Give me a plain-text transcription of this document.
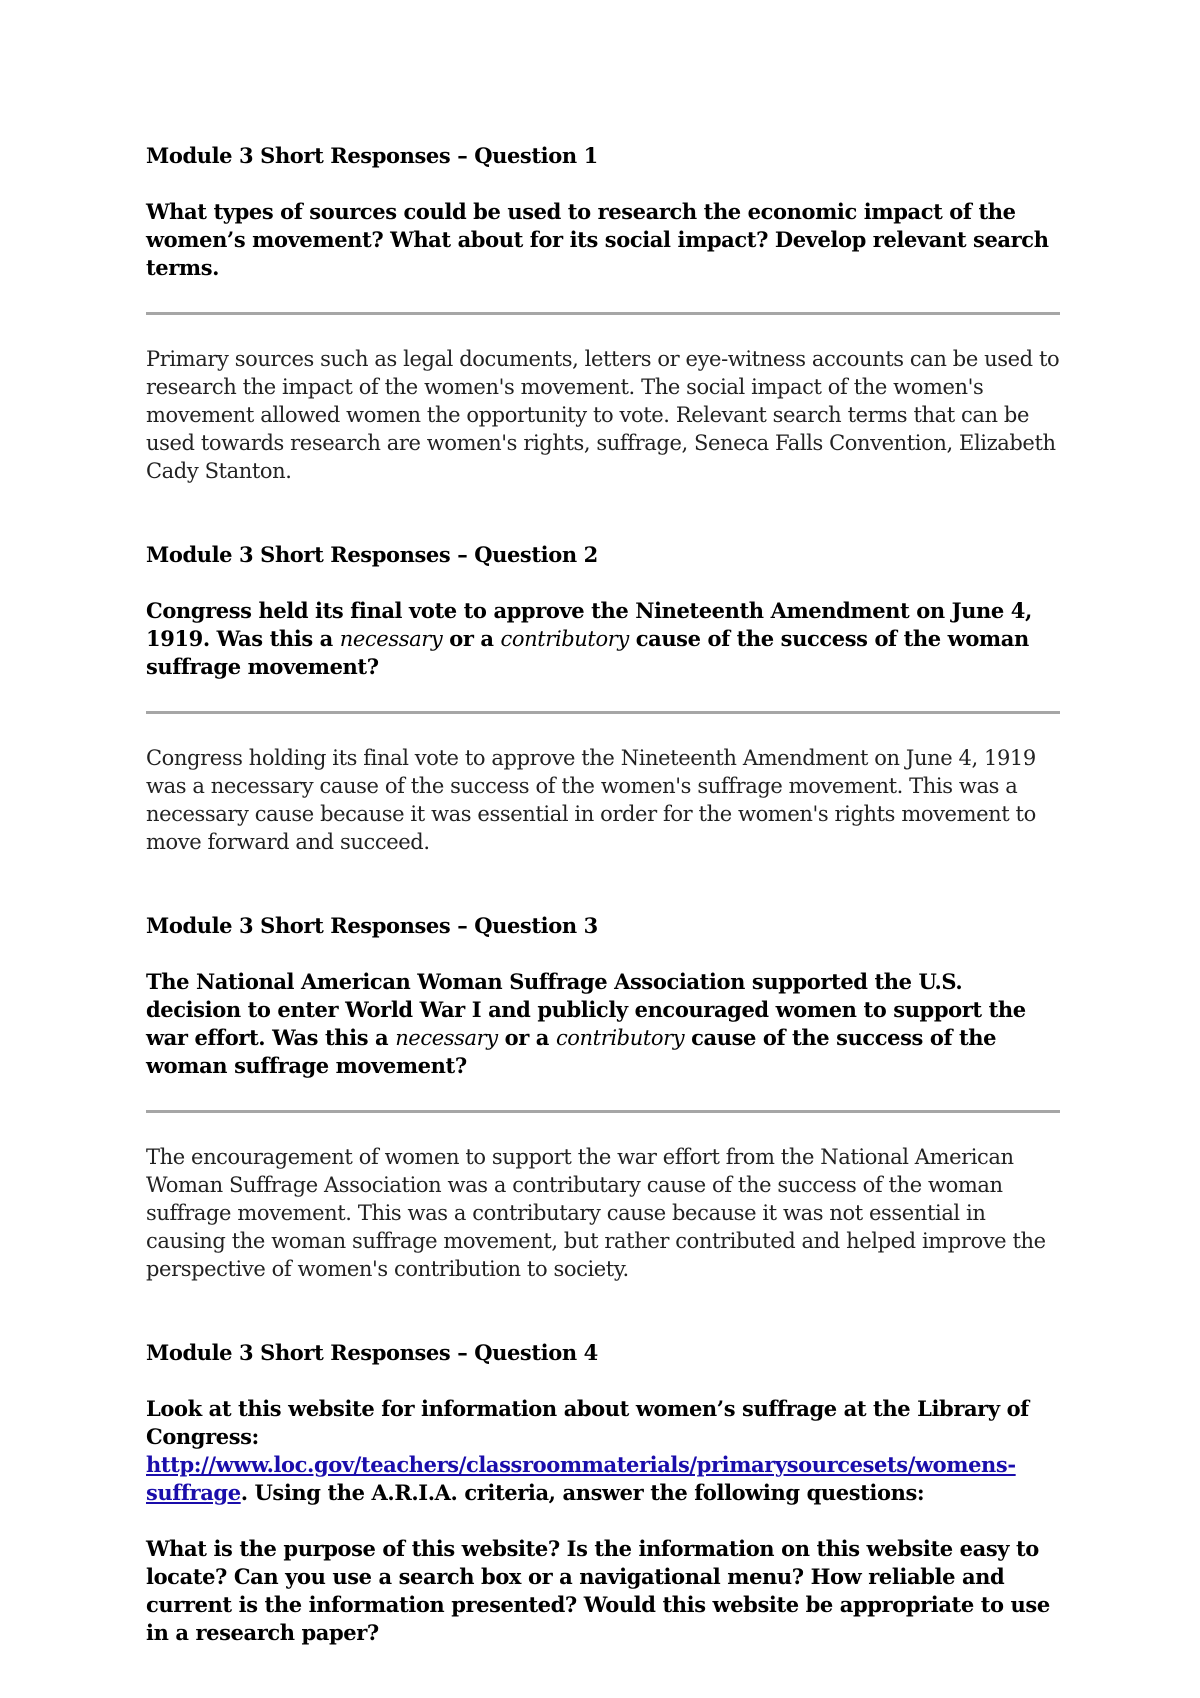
Module 3 Short Responses – Question 1

What types of sources could be used to research the economic impact of the women’s movement? What about for its social impact? Develop relevant search terms.

Primary sources such as legal documents, letters or eye-witness accounts can be used to research the impact of the women's movement. The social impact of the women's movement allowed women the opportunity to vote. Relevant search terms that can be used towards research are women's rights, suffrage, Seneca Falls Convention, Elizabeth Cady Stanton.

Module 3 Short Responses – Question 2

Congress held its final vote to approve the Nineteenth Amendment on June 4, 1919. Was this a necessary or a contributory cause of the success of the woman suffrage movement?

Congress holding its final vote to approve the Nineteenth Amendment on June 4, 1919 was a necessary cause of the success of the women's suffrage movement. This was a necessary cause because it was essential in order for the women's rights movement to move forward and succeed.

Module 3 Short Responses – Question 3

The National American Woman Suffrage Association supported the U.S. decision to enter World War I and publicly encouraged women to support the war effort. Was this a necessary or a contributory cause of the success of the woman suffrage movement?

The encouragement of women to support the war effort from the National American Woman Suffrage Association was a contributary cause of the success of the woman suffrage movement. This was a contributary cause because it was not essential in causing the woman suffrage movement, but rather contributed and helped improve the perspective of women's contribution to society.

Module 3 Short Responses – Question 4

Look at this website for information about women’s suffrage at the Library of Congress: http://www.loc.gov/teachers/classroommaterials/primarysourcesets/womens-suffrage. Using the A.R.I.A. criteria, answer the following questions:

What is the purpose of this website? Is the information on this website easy to locate? Can you use a search box or a navigational menu? How reliable and current is the information presented? Would this website be appropriate to use in a research paper?
